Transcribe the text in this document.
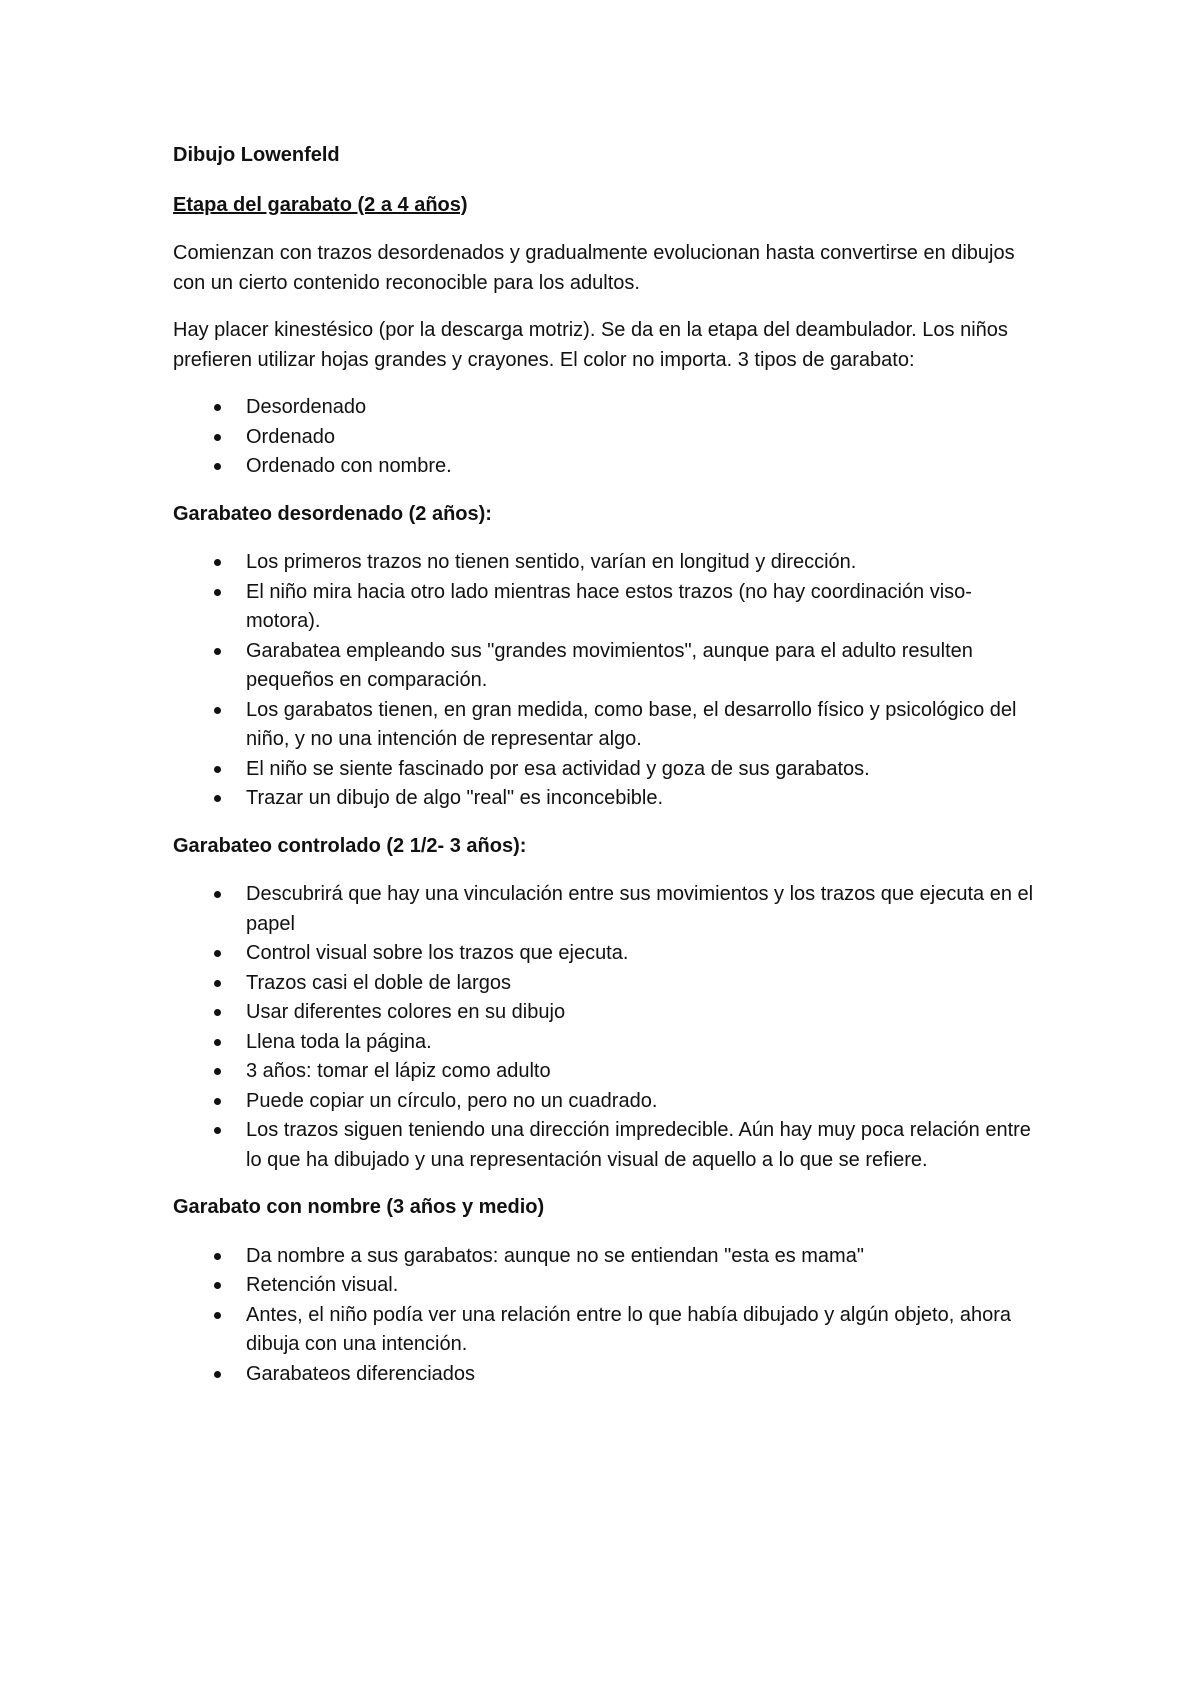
Dibujo Lowenfeld
Etapa del garabato (2 a 4 años)

Comienzan con trazos desordenados y gradualmente evolucionan hasta convertirse en dibujos con un cierto contenido reconocible para los adultos.

Hay placer kinestésico (por la descarga motriz). Se da en la etapa del deambulador. Los niños prefieren utilizar hojas grandes y crayones. El color no importa. 3 tipos de garabato:

Desordenado
Ordenado
Ordenado con nombre.
Garabateo desordenado (2 años):
Los primeros trazos no tienen sentido, varían en longitud y dirección.
El niño mira hacia otro lado mientras hace estos trazos (no hay coordinación viso-motora).
Garabatea empleando sus "grandes movimientos", aunque para el adulto resulten pequeños en comparación.
Los garabatos tienen, en gran medida, como base, el desarrollo físico y psicológico del niño, y no una intención de representar algo.
El niño se siente fascinado por esa actividad y goza de sus garabatos.
Trazar un dibujo de algo "real" es inconcebible.
Garabateo controlado (2 1/2- 3 años):
Descubrirá que hay una vinculación entre sus movimientos y los trazos que ejecuta en el papel
Control visual sobre los trazos que ejecuta.
Trazos casi el doble de largos
Usar diferentes colores en su dibujo
Llena toda la página.
3 años: tomar el lápiz como adulto
Puede copiar un círculo, pero no un cuadrado.
Los trazos siguen teniendo una dirección impredecible. Aún hay muy poca relación entre lo que ha dibujado y una representación visual de aquello a lo que se refiere.
Garabato con nombre (3 años y medio)
Da nombre a sus garabatos: aunque no se entiendan "esta es mama"
Retención visual.
Antes, el niño podía ver una relación entre lo que había dibujado y algún objeto, ahora dibuja con una intención.
Garabateos diferenciados
